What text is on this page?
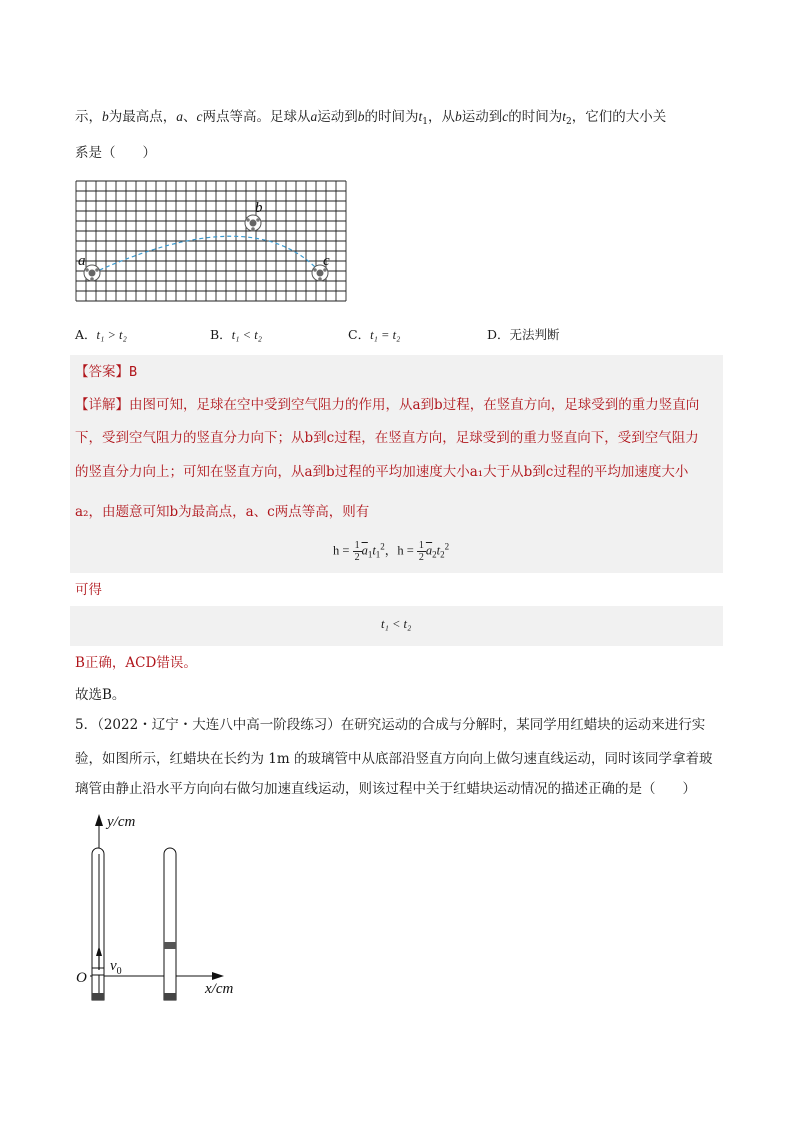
示，b为最高点，a、c两点等高。足球从a运动到b的时间为$t_1$，从b运动到c的时间为$t_2$，它们的大小关
系是（　　）
a
b
c
A．t₁ > t₂	B．t₁ < t₂	C．t₁ = t₂	D．无法判断
【答案】B
【详解】由图可知，足球在空中受到空气阻力的作用，从a到b过程，在竖直方向，足球受到的重力竖直向
下，受到空气阻力的竖直分力向下；从b到c过程，在竖直方向，足球受到的重力竖直向下，受到空气阻力
的竖直分力向上；可知在竖直方向，从a到b过程的平均加速度大小a₁大于从b到c过程的平均加速度大小
a₂，由题意可知b为最高点，a、c两点等高，则有
$h = \frac{1}{2} \overline{a}_1t_1^2$，$h = \frac{1}{2} \overline{a}_2t_2^2$
可得
t₁ < t₂
B正确，ACD错误。
故选B。
5．（2022・辽宁・大连八中高一阶段练习）在研究运动的合成与分解时，某同学用红蜡块的运动来进行实
验，如图所示，红蜡块在长约为 1m 的玻璃管中从底部沿竖直方向向上做匀速直线运动，同时该同学拿着玻
璃管由静止沿水平方向向右做匀加速直线运动，则该过程中关于红蜡块运动情况的描述正确的是（　　）
y/cm
x/cm
O
$v_0$
